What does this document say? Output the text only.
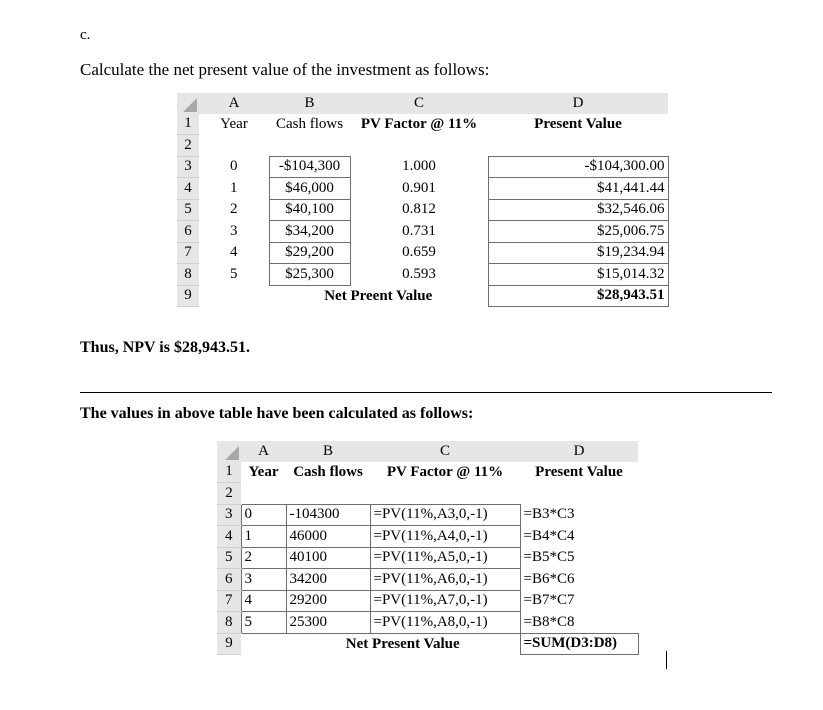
c.
Calculate the net present value of the investment as follows:
	A	B	C	D
1	Year	Cash flows	PV Factor @ 11%	Present Value
2				
3	0	-$104,300	1.000	-$104,300.00
4	1	$46,000	0.901	$41,441.44
5	2	$40,100	0.812	$32,546.06
6	3	$34,200	0.731	$25,006.75
7	4	$29,200	0.659	$19,234.94
8	5	$25,300	0.593	$15,014.32
9		Net Preent Value		$28,943.51
Thus, NPV is $28,943.51.
The values in above table have been calculated as follows:
	A	B	C	D
1	Year	Cash flows	PV Factor @ 11%	Present Value
2				
3	0	-104300	=PV(11%,A3,0,-1)	=B3*C3
4	1	46000	=PV(11%,A4,0,-1)	=B4*C4
5	2	40100	=PV(11%,A5,0,-1)	=B5*C5
6	3	34200	=PV(11%,A6,0,-1)	=B6*C6
7	4	29200	=PV(11%,A7,0,-1)	=B7*C7
8	5	25300	=PV(11%,A8,0,-1)	=B8*C8
9		Net Present Value		=SUM(D3:D8)
